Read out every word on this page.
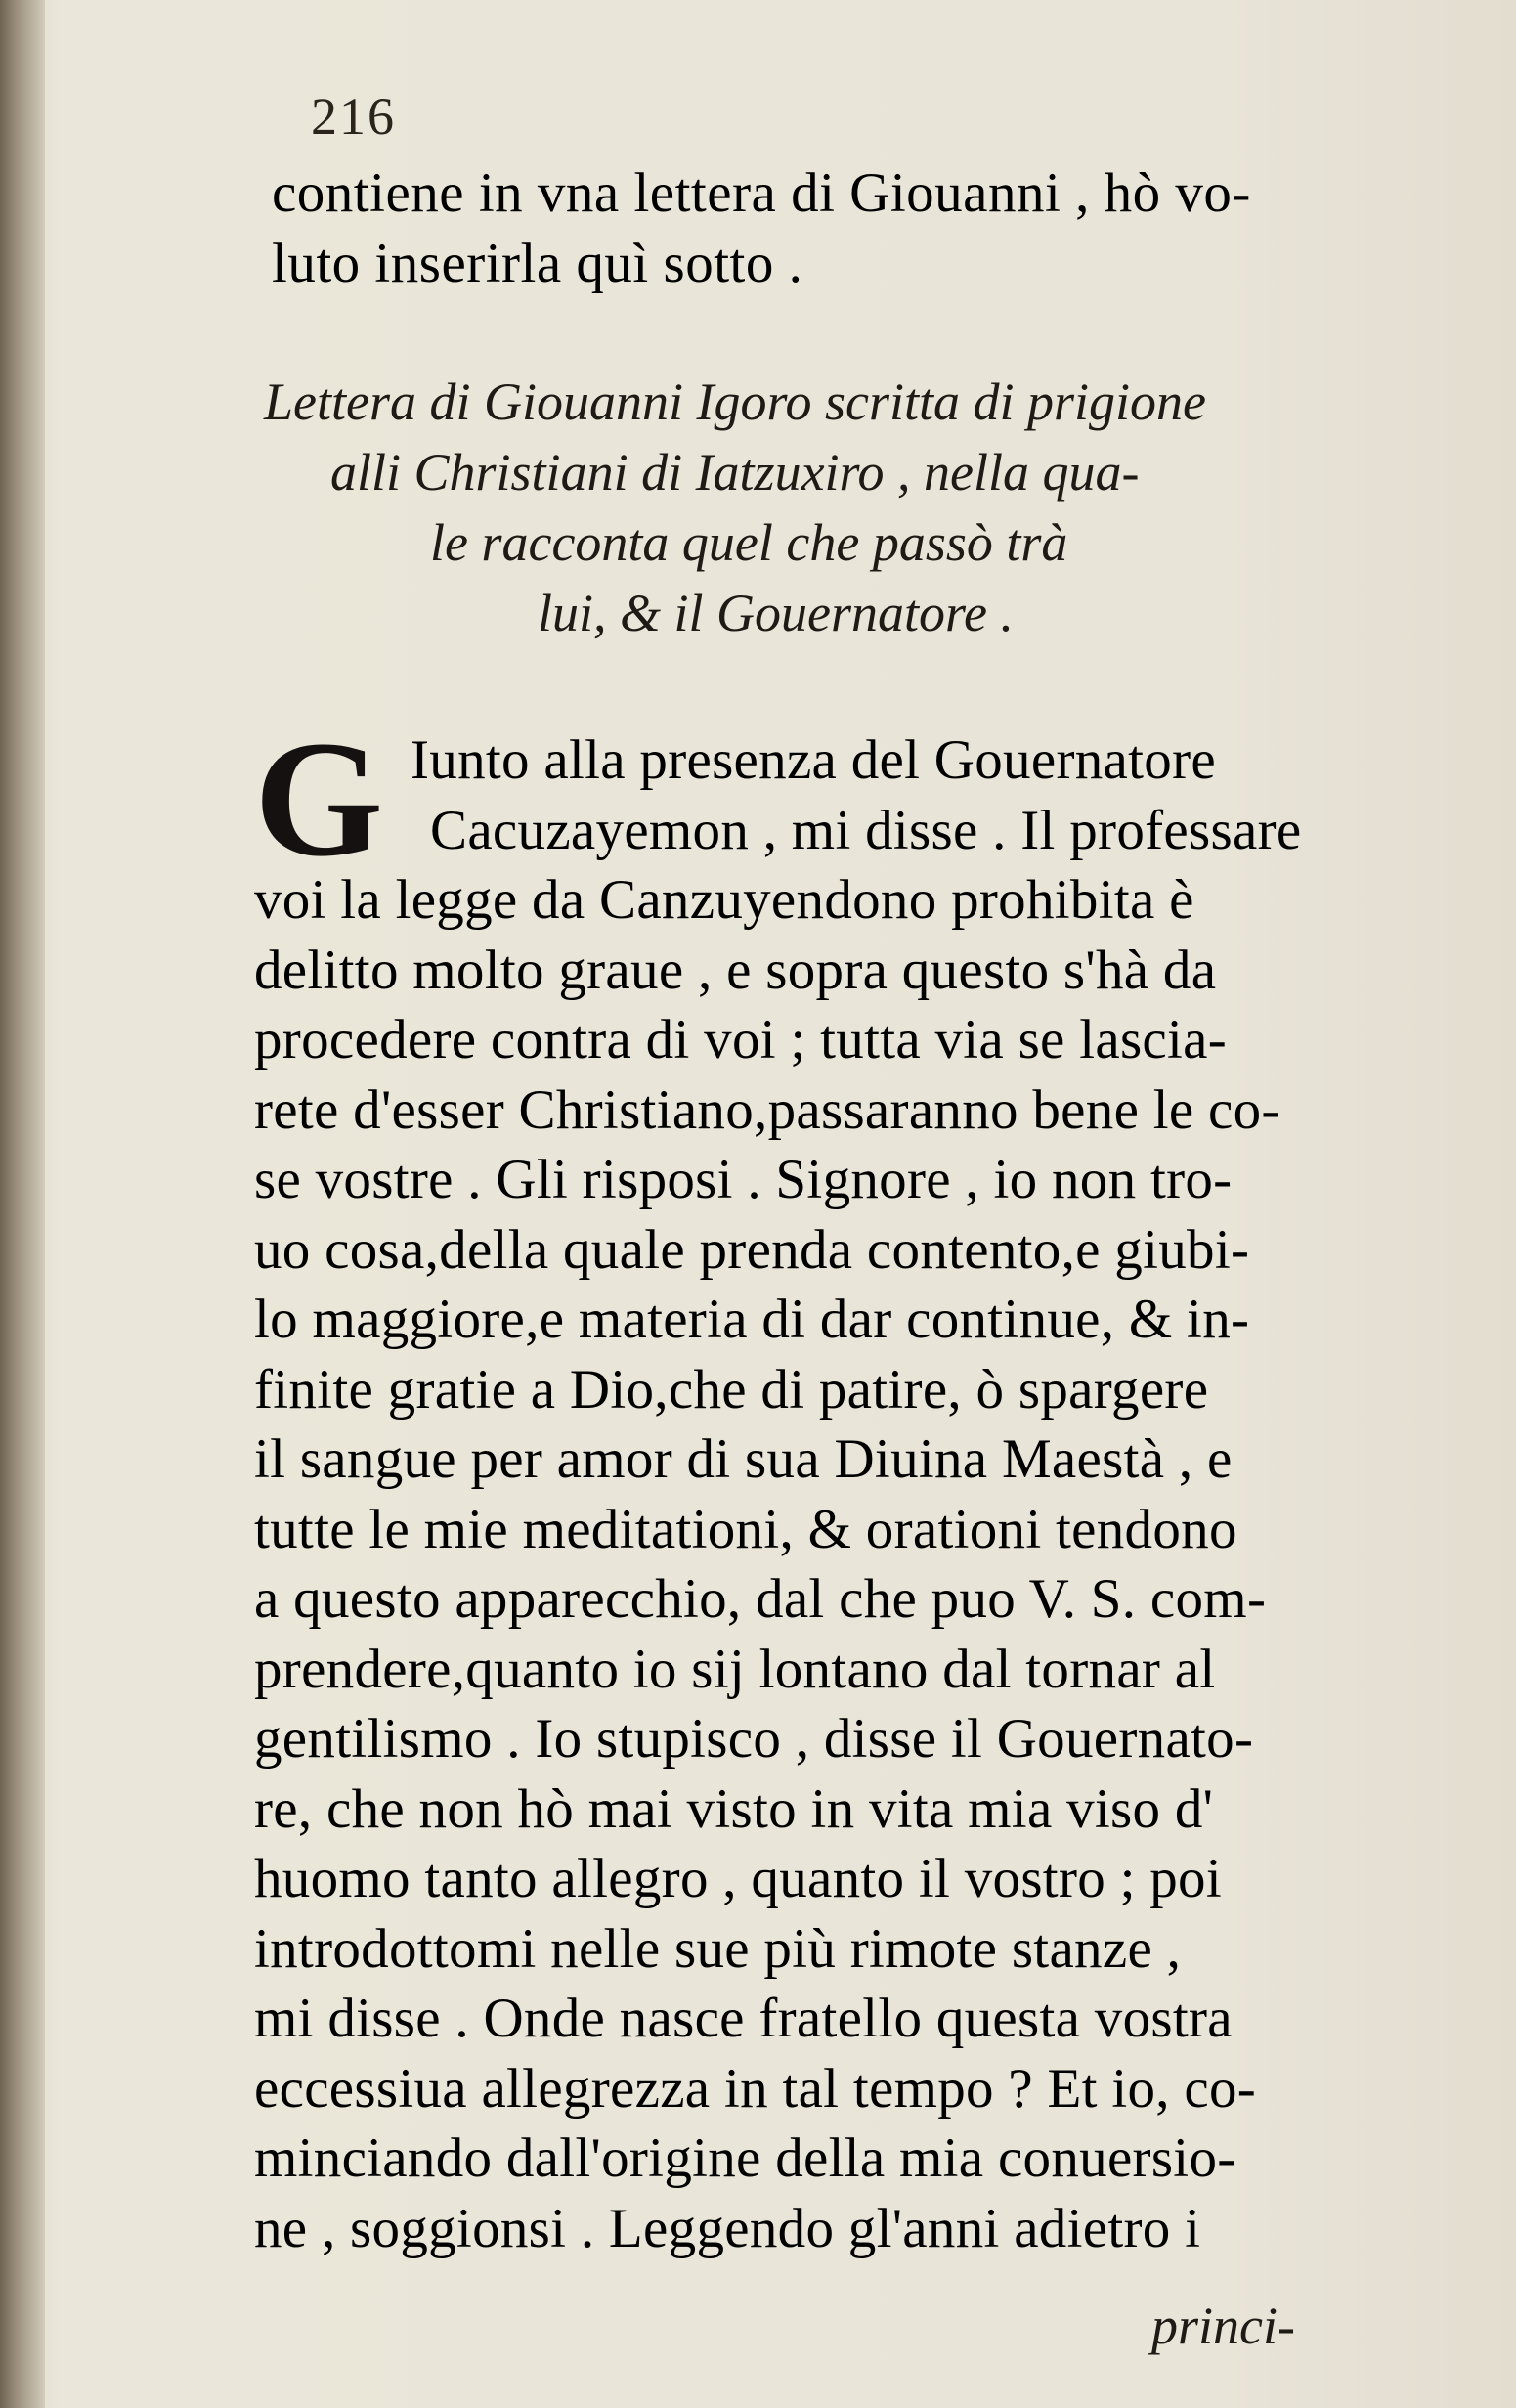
216

contiene in vna lettera di Giouanni , hò vo-

luto inserirla quì sotto .

Lettera di Giouanni Igoro scritta di prigione

alli Christiani di Iatzuxiro , nella qua-

le racconta quel che passò trà

lui, & il Gouernatore .

G Iunto alla presenza del Gouernatore

Cacuzayemon , mi disse . Il professare

voi la legge da Canzuyendono prohibita è

delitto molto graue , e sopra questo s'hà da

procedere contra di voi ; tutta via se lascia-

rete d'esser Christiano,passaranno bene le co-

se vostre . Gli risposi . Signore , io non tro-

uo cosa,della quale prenda contento,e giubi-

lo maggiore,e materia di dar continue, & in-

finite gratie a Dio,che di patire, ò spargere

il sangue per amor di sua Diuina Maestà , e

tutte le mie meditationi, & orationi tendono

a questo apparecchio, dal che puo V. S. com-

prendere,quanto io sij lontano dal tornar al

gentilismo . Io stupisco , disse il Gouernato-

re, che non hò mai visto in vita mia viso d'

huomo tanto allegro , quanto il vostro ; poi

introdottomi nelle sue più rimote stanze ,

mi disse . Onde nasce fratello questa vostra

eccessiua allegrezza in tal tempo ? Et io, co-

minciando dall'origine della mia conuersio-

ne , soggionsi . Leggendo gl'anni adietro i

princi-
